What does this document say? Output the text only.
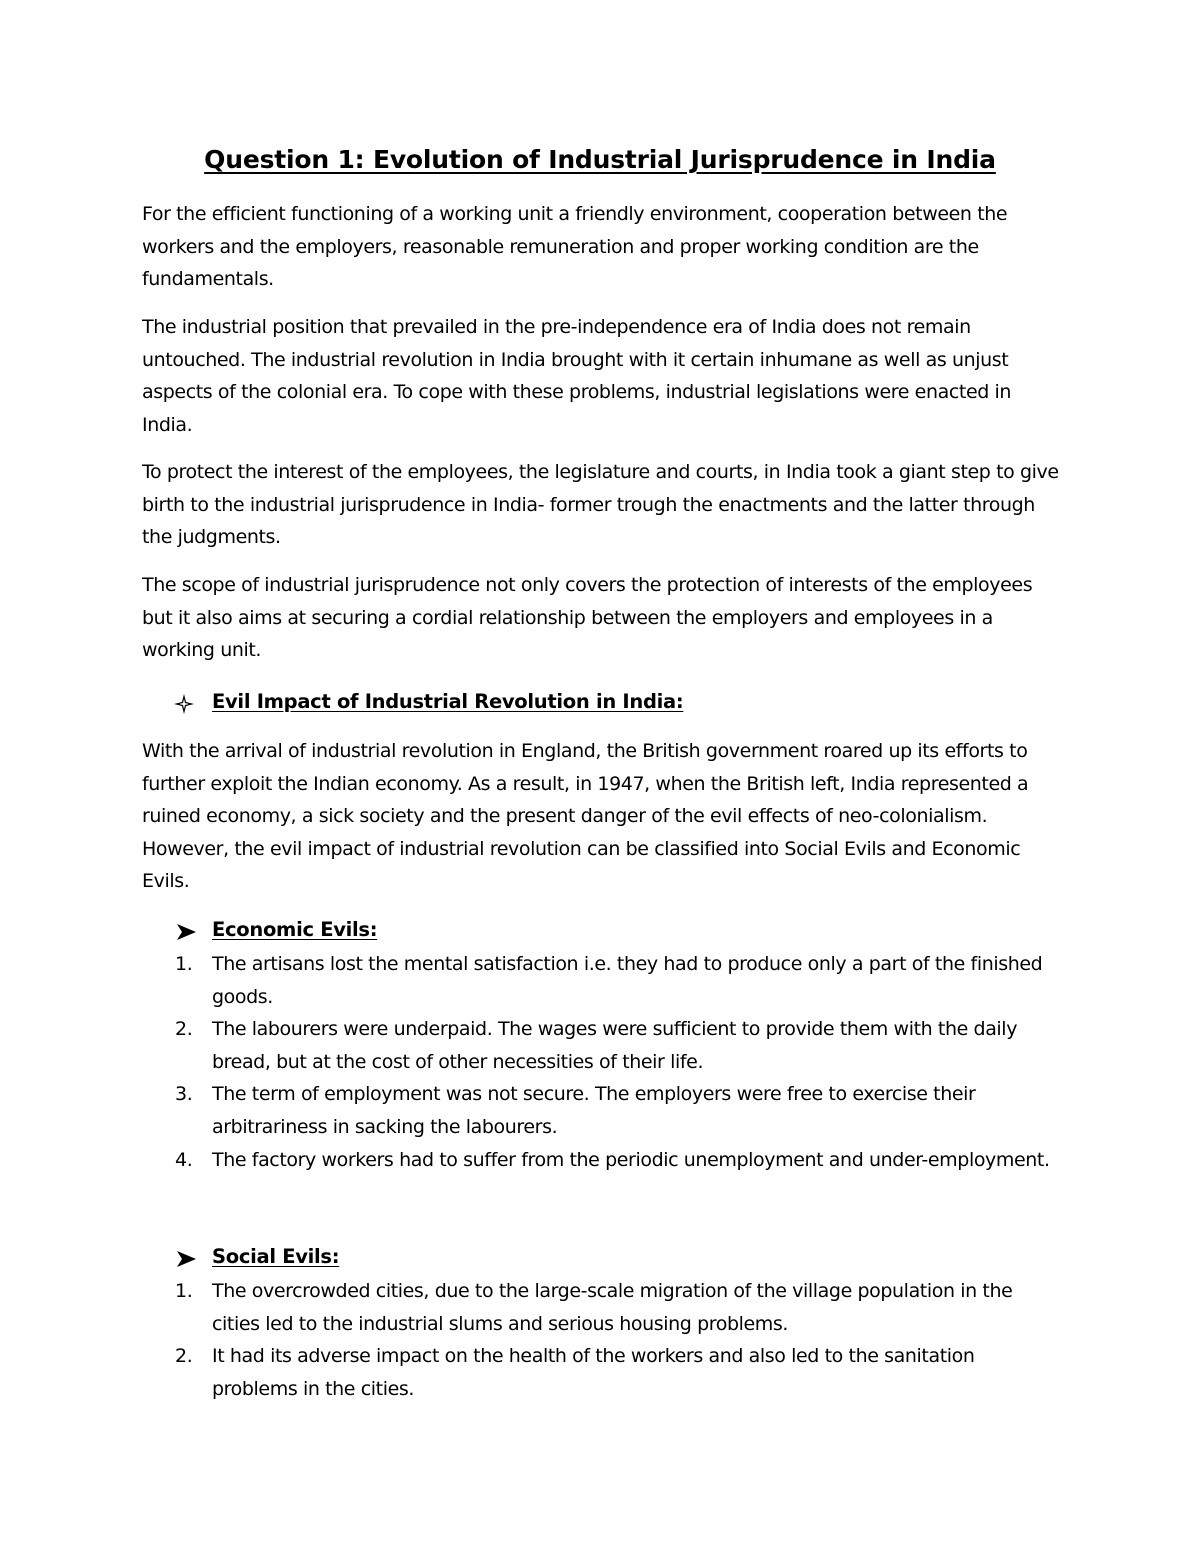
Question 1: Evolution of Industrial Jurisprudence in India

For the efficient functioning of a working unit a friendly environment, cooperation between the workers and the employers, reasonable remuneration and proper working condition are the fundamentals.

The industrial position that prevailed in the pre-independence era of India does not remain untouched. The industrial revolution in India brought with it certain inhumane as well as unjust aspects of the colonial era. To cope with these problems, industrial legislations were enacted in India.

To protect the interest of the employees, the legislature and courts, in India took a giant step to give birth to the industrial jurisprudence in India- former trough the enactments and the latter through the judgments.

The scope of industrial jurisprudence not only covers the protection of interests of the employees but it also aims at securing a cordial relationship between the employers and employees in a working unit.

Evil Impact of Industrial Revolution in India:

With the arrival of industrial revolution in England, the British government roared up its efforts to further exploit the Indian economy. As a result, in 1947, when the British left, India represented a ruined economy, a sick society and the present danger of the evil effects of neo-colonialism. However, the evil impact of industrial revolution can be classified into Social Evils and Economic Evils.

Economic Evils:
1. The artisans lost the mental satisfaction i.e. they had to produce only a part of the finished goods.
2. The labourers were underpaid. The wages were sufficient to provide them with the daily bread, but at the cost of other necessities of their life.
3. The term of employment was not secure. The employers were free to exercise their arbitrariness in sacking the labourers.
4. The factory workers had to suffer from the periodic unemployment and under-employment.
Social Evils:
1. The overcrowded cities, due to the large-scale migration of the village population in the cities led to the industrial slums and serious housing problems.
2. It had its adverse impact on the health of the workers and also led to the sanitation problems in the cities.
